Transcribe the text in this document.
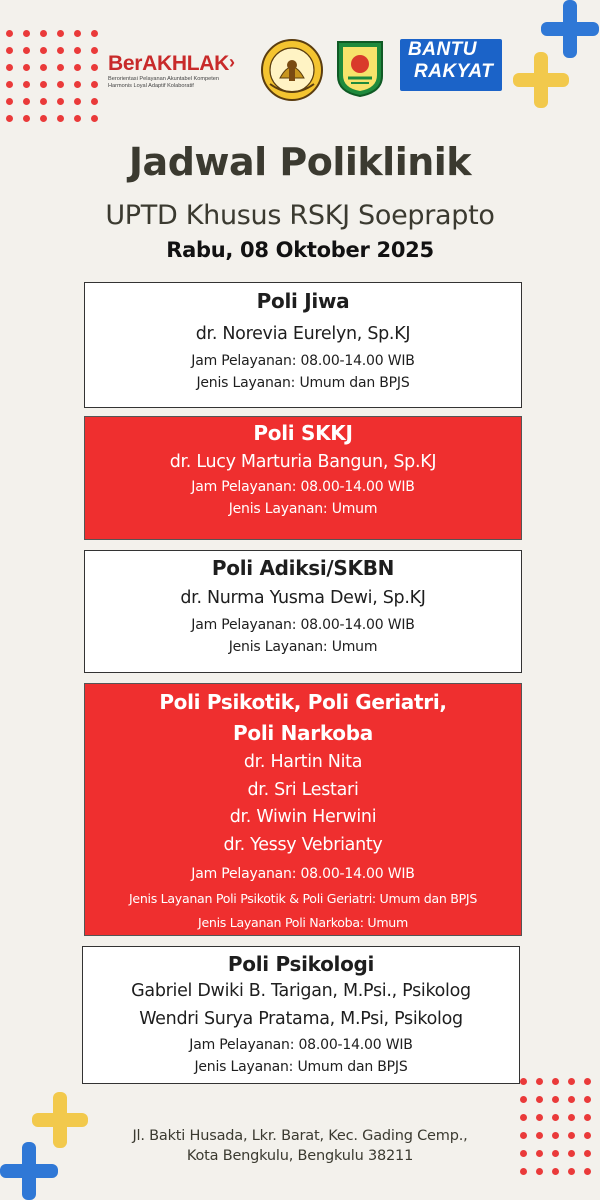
BerAKHLAK›
Berorientasi Pelayanan Akuntabel Kompeten
Harmonis Loyal Adaptif Kolaboratif
BANTU
RAKYAT
Jadwal Poliklinik
UPTD Khusus RSKJ Soeprapto
Rabu, 08 Oktober 2025
Poli Jiwa
dr. Norevia Eurelyn, Sp.KJ
Jam Pelayanan: 08.00-14.00 WIB
Jenis Layanan: Umum dan BPJS
Poli SKKJ
dr. Lucy Marturia Bangun, Sp.KJ
Jam Pelayanan: 08.00-14.00 WIB
Jenis Layanan: Umum
Poli Adiksi/SKBN
dr. Nurma Yusma Dewi, Sp.KJ
Jam Pelayanan: 08.00-14.00 WIB
Jenis Layanan: Umum
Poli Psikotik, Poli Geriatri,
Poli Narkoba
dr. Hartin Nita
dr. Sri Lestari
dr. Wiwin Herwini
dr. Yessy Vebrianty
Jam Pelayanan: 08.00-14.00 WIB
Jenis Layanan Poli Psikotik & Poli Geriatri: Umum dan BPJS
Jenis Layanan Poli Narkoba: Umum
Poli Psikologi
Gabriel Dwiki B. Tarigan, M.Psi., Psikolog
Wendri Surya Pratama, M.Psi, Psikolog
Jam Pelayanan: 08.00-14.00 WIB
Jenis Layanan: Umum dan BPJS
Jl. Bakti Husada, Lkr. Barat, Kec. Gading Cemp.,
Kota Bengkulu, Bengkulu 38211
